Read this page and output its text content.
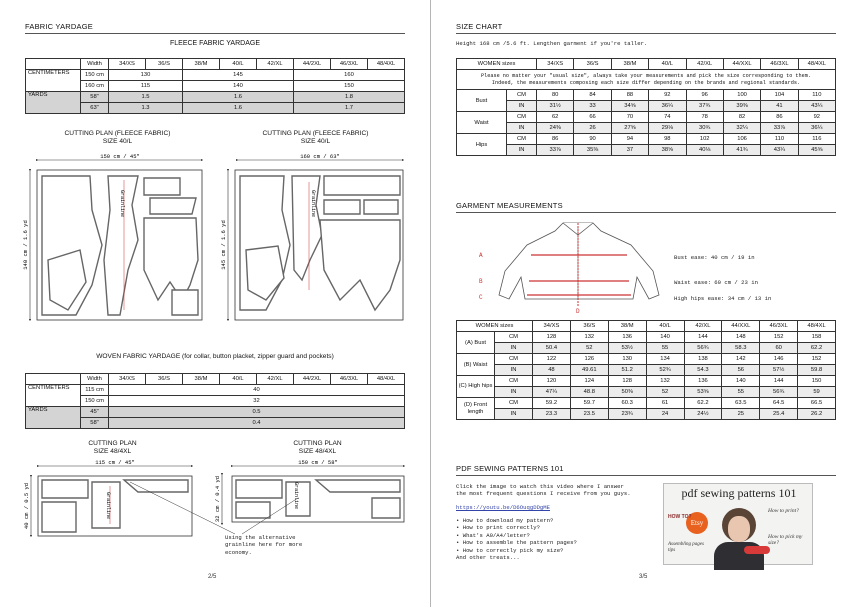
FABRIC YARDAGE
FLEECE FABRIC YARDAGE
	Width	34/XS	36/S	38/M	40/L	42/XL	44/2XL	46/3XL	48/4XL
CENTIMETERS	150 cm	130		145			160		
	160 cm	115		140			150		
YARDS	58"	1.5		1.6			1.8		
	63"	1.3		1.6			1.7		
CUTTING PLAN (FLEECE FABRIC)
SIZE 40/L
CUTTING PLAN (FLEECE FABRIC)
SIZE 40/L
150 cm / 45"
140 cm / 1.6 yd
Grainline
160 cm / 63"
145 cm / 1.6 yd
Grainline
WOVEN FABRIC YARDAGE (for collar, button placket, zipper guard and pockets)
	Width	34/XS	36/S	38/M	40/L	42/XL	44/2XL	46/3XL	48/4XL
CENTIMETERS	115 cm	40							
	150 cm	32							
YARDS	45"	0.5							
	58"	0.4							
CUTTING PLAN
SIZE 48/4XL
CUTTING PLAN
SIZE 48/4XL
115 cm / 45"
40 cm / 0.5 yd	Grainline
150 cm / 58"
32 cm / 0.4 yd	Grainline
Using the alternative
grainline here for more
economy.
2/5
SIZE CHART
Height 168 cm /5.6 ft. Lengthen garment if you're taller.
WOMEN sizes		34/XS	36/S	38/M	40/L	42/XL	44/XXL	46/3XL	48/4XL

Please no matter your "usual size", always take your measurements and pick the size corresponding to them.
Indeed, the measurements composing each size differ depending on the brands and regional standards.									

Bust	CM	80	84	88	92	96	100	104	110
	IN	31½	33	34⅝	36¼	37¾	39⅜	41	43¼
Waist	CM	62	66	70	74	78	82	86	92
	IN	24⅜	26	27⅝	29⅛	30¾	32¼	33⅞	36¼
Hips	CM	86	90	94	98	102	106	110	116
	IN	33⅞	35⅜	37	38⅝	40⅛	41¾	43¼	45⅝
GARMENT MEASUREMENTS
A
B
C
D
Bust ease: 40 cm / 19 in
Waist ease: 60 cm / 23 in
High hips ease: 34 cm / 13 in
WOMEN sizes		34/XS	36/S	38/M	40/L	42/XL	44/XXL	46/3XL	48/4XL
(A) Bust	CM	128	132	136	140	144	148	152	158
	IN	50.4	52	53½	55	56¾	58.3	60	62.2
(B) Waist	CM	122	126	130	134	138	142	146	152
	IN	48	49.61	51.2	52¾	54.3	56	57½	59.8
(C) High hips	CM	120	124	128	132	136	140	144	150
	IN	47¼	48.8	50⅜	52	53⅝	55	56¾	59
(D) Front length	CM	59.2	59.7	60.3	61	62.2	63.5	64.5	66.5
	IN	23.3	23.5	23¾	24	24½	25	25.4	26.2
PDF SEWING PATTERNS 101
Click the image to watch this video where I answer
the most frequent questions I receive from you guys.
https://youtu.be/D6OuqgDDgME
• How to download my pattern?
• How to print correctly?
• What's A0/A4/letter?
• How to assemble the pattern pages?
• How to correctly pick my size?
And other treats...
pdf sewing patterns 101
Etsy
How to print?
How to pick my size?
Assembling pages tips
HOW TO?
3/5
